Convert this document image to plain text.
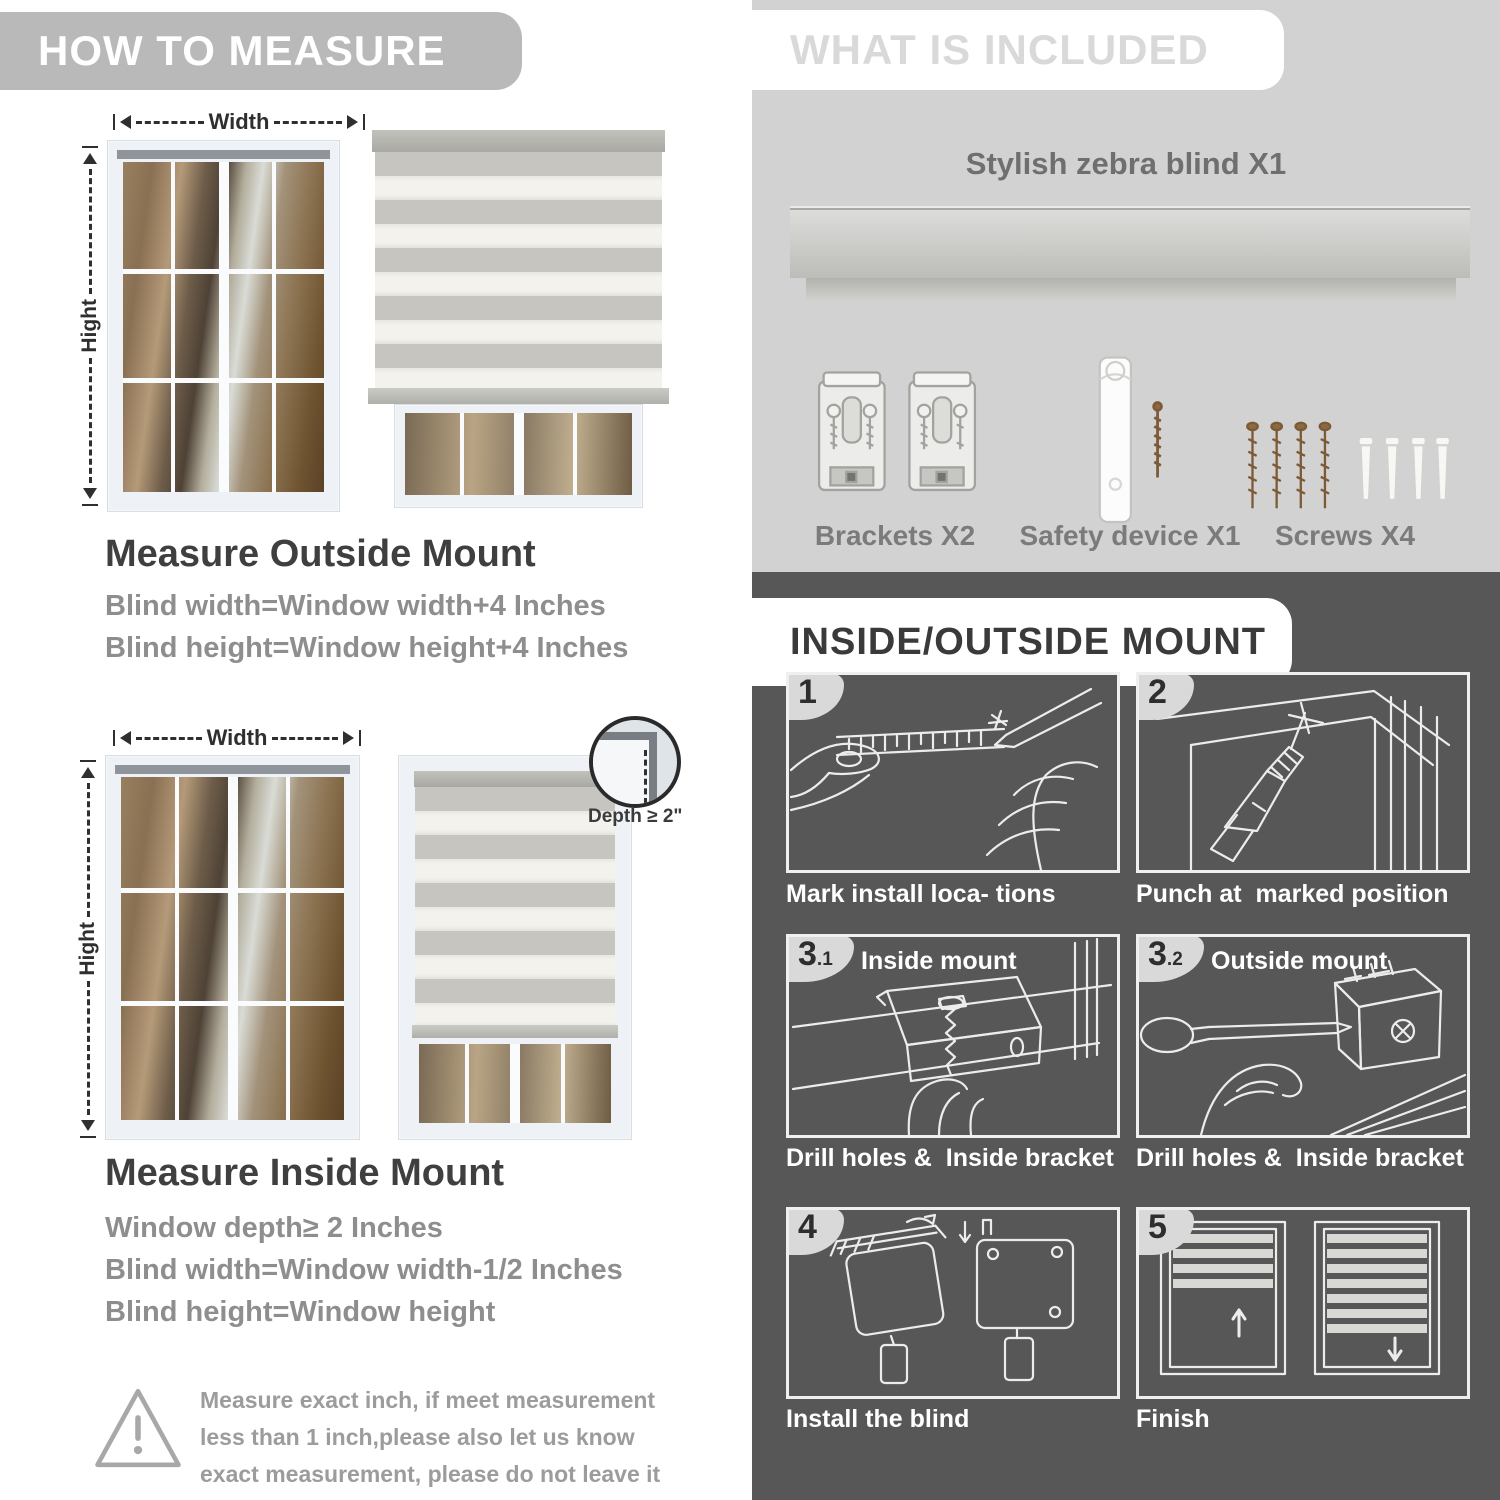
HOW TO MEASURE
Width
Hight
Measure Outside Mount
Blind width=Window width+4 Inches
Blind height=Window height+4 Inches
Width
Hight
Depth ≥ 2"
Measure Inside Mount
Window depth≥ 2 Inches
Blind width=Window width-1/2 Inches
Blind height=Window height
Measure exact inch, if meet measurement less than 1 inch,please also let us know exact measurement, please do not leave it
WHAT IS INCLUDED
Stylish zebra blind X1
Brackets X2	Safety device X1	Screws X4
INSIDE/OUTSIDE MOUNT
1
Mark install loca- tions
2
Punch at  marked position
3.1	Inside mount
Drill holes &  Inside bracket
3.2	Outside mount
Drill holes &  Inside bracket
4
Install the blind
5
Finish
